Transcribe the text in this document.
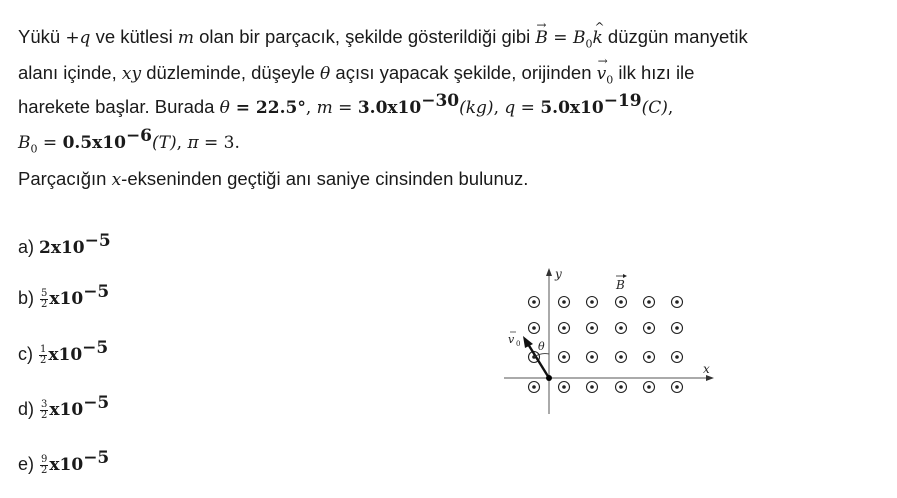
Yükü +q ve kütlesi m olan bir parçacık, şekilde gösterildiği gibi → $B = B_0\^{}$ k düzgün manyetik
alanı içinde, xy düzleminde, düşeyle θ açısı yapacak şekilde, orijinden → $v_0$ ilk hızı ile
harekete başlar. Burada θ = 22.5°, $m = 3.0x10^{-30}(kg)$, $q = 5.0x10^{-19}(C)$,
$B_0 = 0.5x10^{-6}(T)$, π = 3.
Parçacığın x-ekseninden geçtiği anı saniye cinsinden bulunuz.
a) $2x10^{-5}$
$b) \frac{5}{2} x10^{-5}$
$c) \frac{1}{2} x10^{-5}$
$d) \frac{3}{2} x10^{-5}$
$e) \frac{9}{2} x10^{-5}$
y
x
B
v 0 θ
